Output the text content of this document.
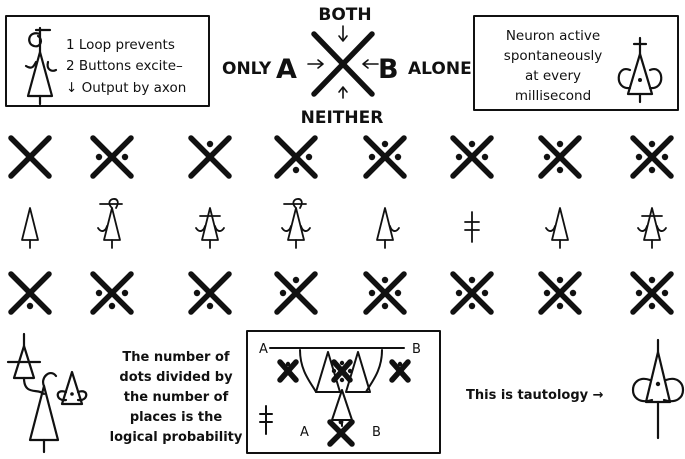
1 Loop prevents
2 Buttons excite–
↓ Output by axon
BOTH
NEITHER
ONLY A	B ALONE
Neuron active
spontaneously
at every
millisecond
The number of
dots divided by
the number of
places is the
logical probability
A	B
A	B
This is tautology →
